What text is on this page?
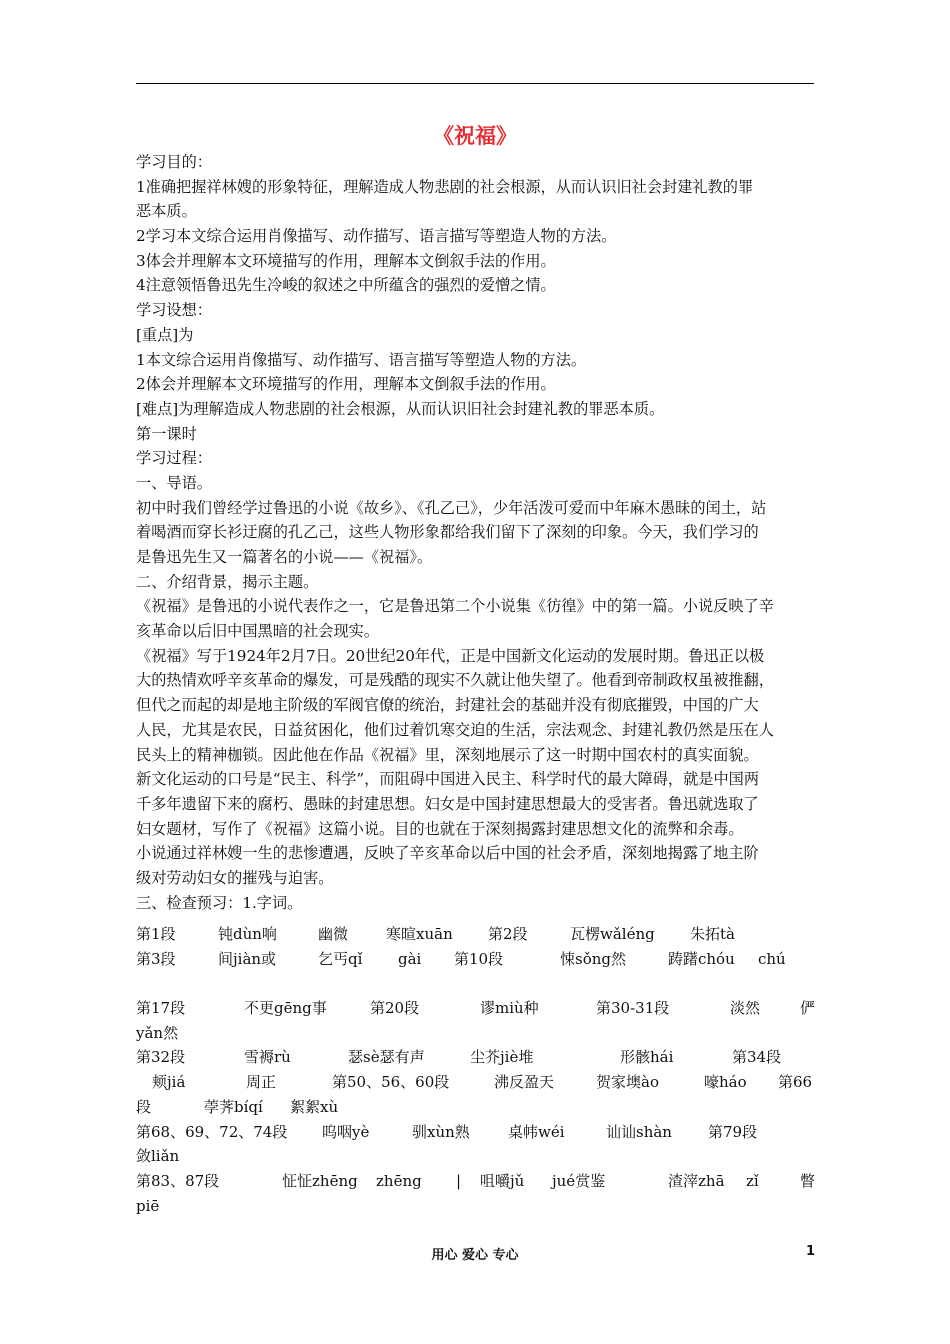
《祝福》
学习目的：
1准确把握祥林嫂的形象特征，理解造成人物悲剧的社会根源，从而认识旧社会封建礼教的罪
恶本质。
2学习本文综合运用肖像描写、动作描写、语言描写等塑造人物的方法。
3体会并理解本文环境描写的作用，理解本文倒叙手法的作用。
4注意领悟鲁迅先生冷峻的叙述之中所蕴含的强烈的爱憎之情。
学习设想：
[重点]为
1本文综合运用肖像描写、动作描写、语言描写等塑造人物的方法。
2体会并理解本文环境描写的作用，理解本文倒叙手法的作用。
[难点]为理解造成人物悲剧的社会根源，从而认识旧社会封建礼教的罪恶本质。
第一课时
学习过程：
一、导语。
初中时我们曾经学过鲁迅的小说《故乡》、《孔乙己》，少年活泼可爱而中年麻木愚昧的闰土，站
着喝酒而穿长衫迂腐的孔乙己，这些人物形象都给我们留下了深刻的印象。今天，我们学习的
是鲁迅先生又一篇著名的小说——《祝福》。
二、介绍背景，揭示主题。
《祝福》是鲁迅的小说代表作之一，它是鲁迅第二个小说集《彷徨》中的第一篇。小说反映了辛
亥革命以后旧中国黑暗的社会现实。
《祝福》写于1924年2月7日。20世纪20年代，正是中国新文化运动的发展时期。鲁迅正以极
大的热情欢呼辛亥革命的爆发，可是残酷的现实不久就让他失望了。他看到帝制政权虽被推翻，
但代之而起的却是地主阶级的军阀官僚的统治，封建社会的基础并没有彻底摧毁，中国的广大
人民，尤其是农民，日益贫困化，他们过着饥寒交迫的生活，宗法观念、封建礼教仍然是压在人
民头上的精神枷锁。因此他在作品《祝福》里，深刻地展示了这一时期中国农村的真实面貌。
新文化运动的口号是“民主、科学”，而阻碍中国进入民主、科学时代的最大障碍，就是中国两
千多年遗留下来的腐朽、愚昧的封建思想。妇女是中国封建思想最大的受害者。鲁迅就选取了
妇女题材，写作了《祝福》这篇小说。目的也就在于深刻揭露封建思想文化的流弊和余毒。
小说通过祥林嫂一生的悲惨遭遇，反映了辛亥革命以后中国的社会矛盾，深刻地揭露了地主阶
级对劳动妇女的摧残与迫害。
三、检查预习：1.字词。
第1段	钝dùn响	幽微	寒暄xuān 第2段	瓦楞wǎléng 朱拓tà
第3段	间jiàn或	乞丐qǐ gài 第10段	悚sǒng然	踌躇chóu chú
第17段	不更gēng事	第20段	谬miù种	第30-31段	淡然	俨
yǎn然
第32段	雪褥rù	瑟sè瑟有声	尘芥jiè堆	形骸hái	第34段
颊jiá	周正	第50、56、60段	沸反盈天	贺家墺ào	嚎háo 第66
段	荸荠bíqí 絮絮xù
第68、69、72、74段 呜咽yè	驯xùn熟	桌帏wéi	讪讪shàn 第79段
敛liǎn
第83、87段	怔怔zhēng zhēng | 咀嚼jǔ jué赏鉴	渣滓zhā zǐ	瞥
piē
用心 爱心 专心	1
